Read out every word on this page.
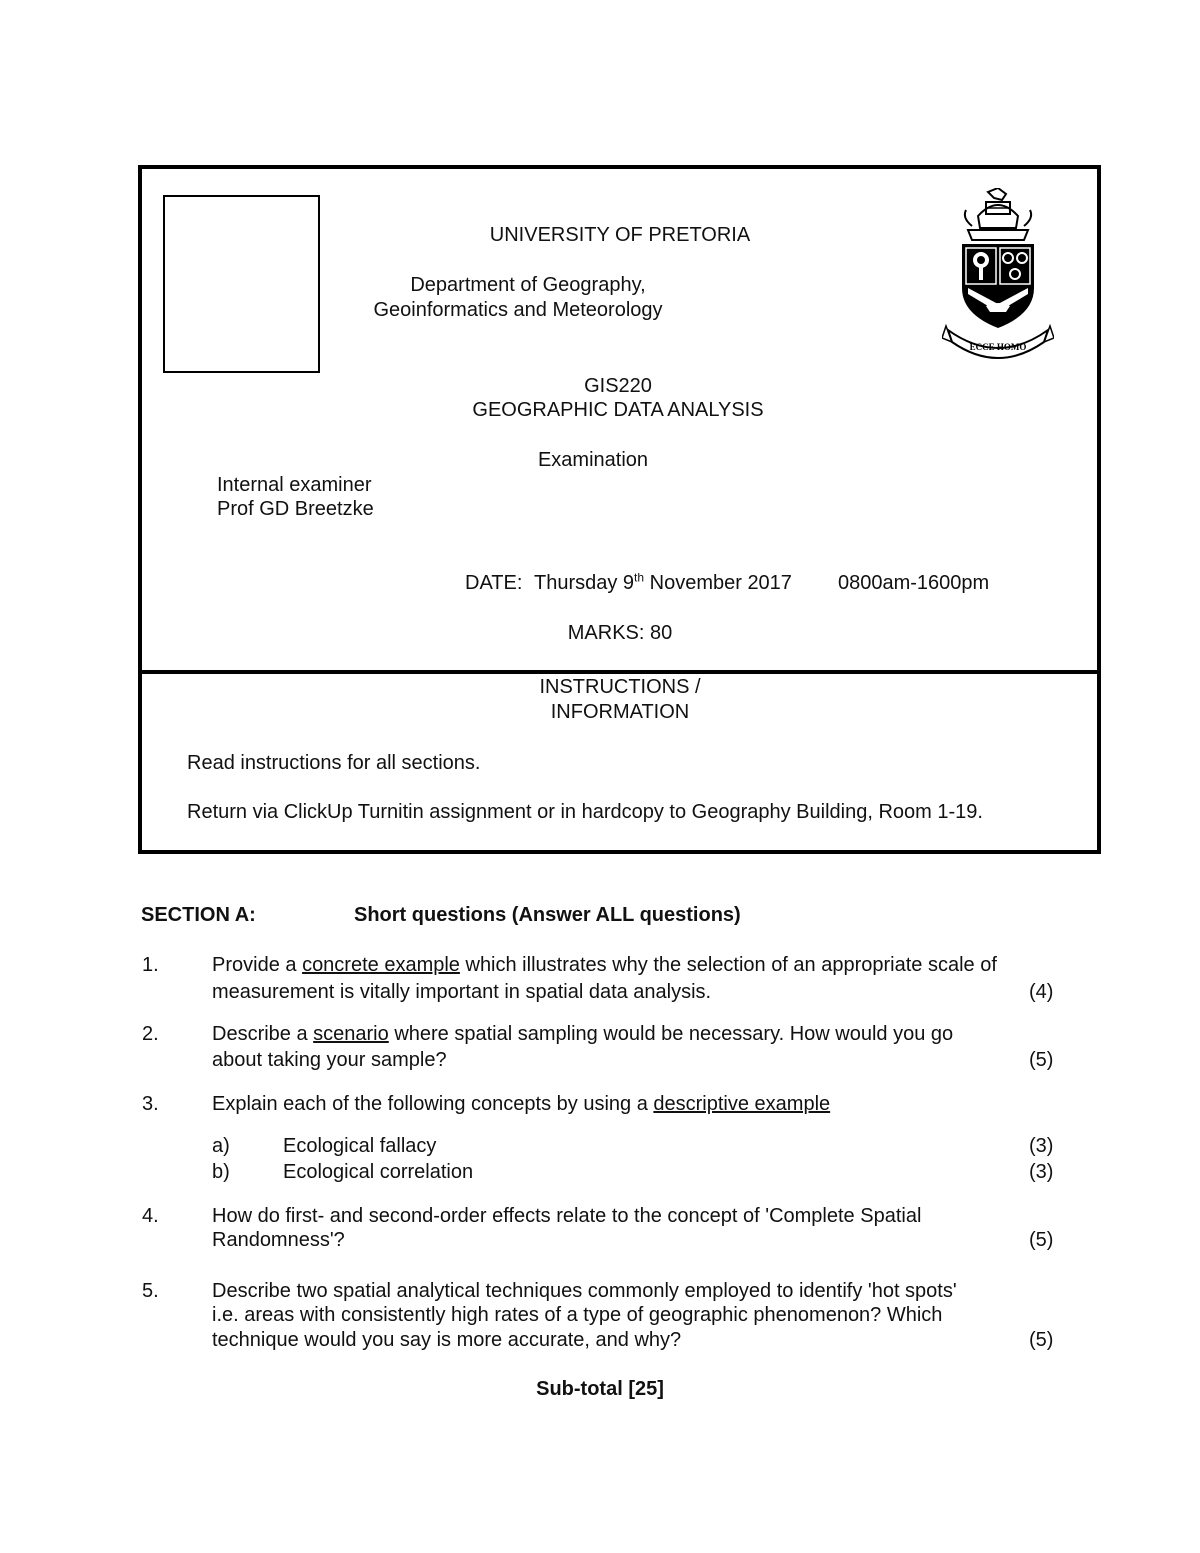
ECCE HOMO
UNIVERSITY OF PRETORIA
Department of Geography,
Geoinformatics and Meteorology
GIS220
GEOGRAPHIC DATA ANALYSIS
Examination
Internal examiner
Prof GD Breetzke
DATE: Thursday 9th November 2017 0800am-1600pm
MARKS: 80
INSTRUCTIONS /
INFORMATION
Read instructions for all sections.
Return via ClickUp Turnitin assignment or in hardcopy to Geography Building, Room 1-19.
SECTION A:	Short questions (Answer ALL questions)
1.	Provide a concrete example which illustrates why the selection of an appropriate scale of
measurement is vitally important in spatial data analysis.	(4)
2.	Describe a scenario where spatial sampling would be necessary. How would you go
about taking your sample?	(5)
3.	Explain each of the following concepts by using a descriptive example
a)	Ecological fallacy	(3)
b)	Ecological correlation	(3)
4.	How do first- and second-order effects relate to the concept of 'Complete Spatial
Randomness'?	(5)
5.	Describe two spatial analytical techniques commonly employed to identify 'hot spots'
i.e. areas with consistently high rates of a type of geographic phenomenon? Which
technique would you say is more accurate, and why?	(5)
Sub-total [25]
